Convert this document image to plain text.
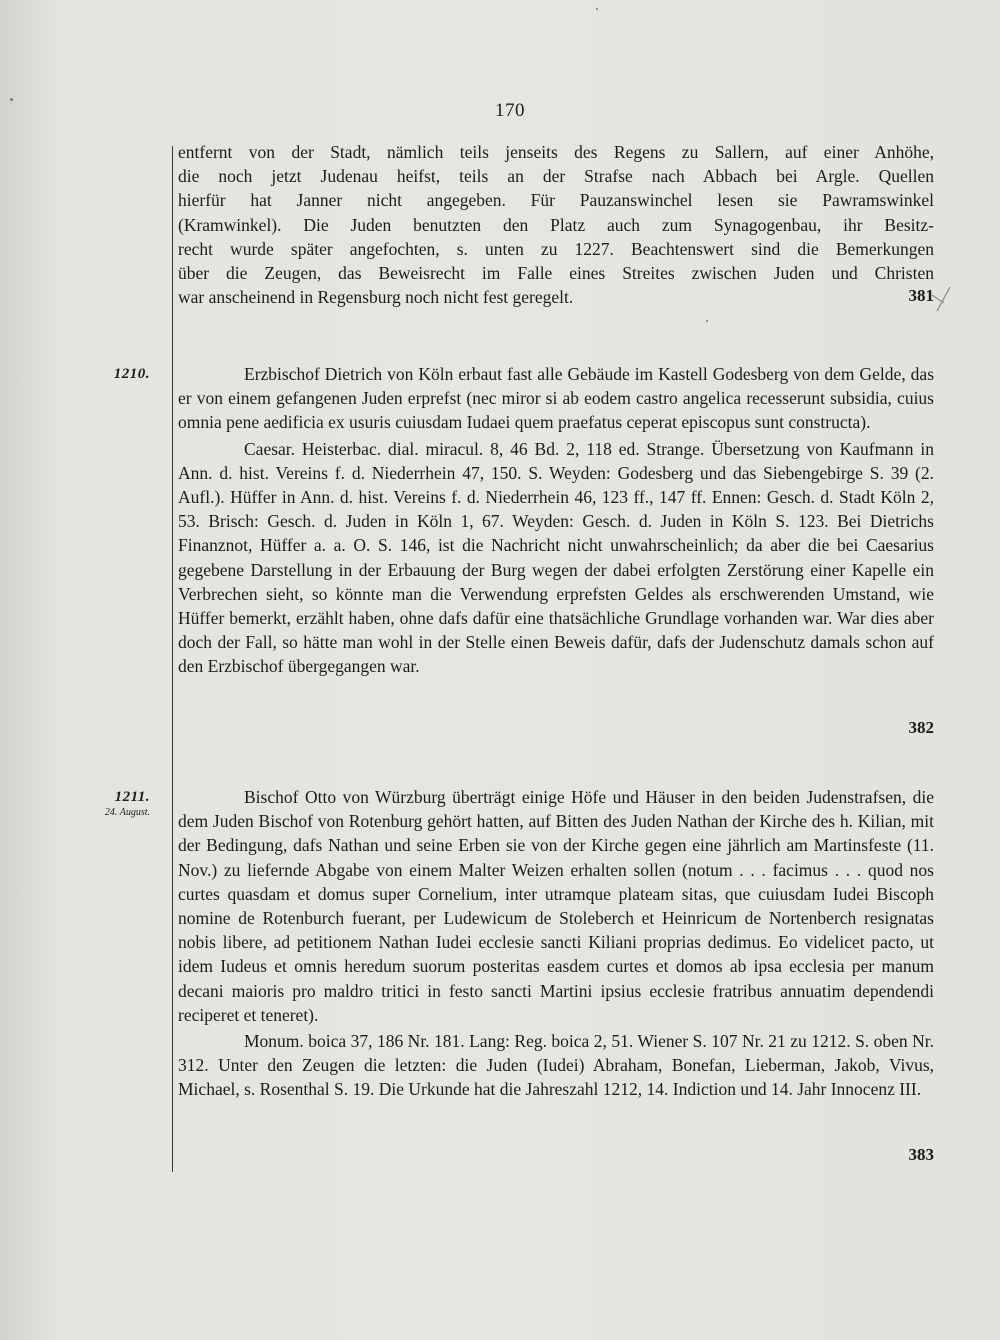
170
entfernt von der Stadt, nämlich teils jenseits des Regens zu Sallern, auf einer Anhöhe,
die noch jetzt Judenau heifst, teils an der Strafse nach Abbach bei Argle. Quellen
hierfür hat Janner nicht angegeben. Für Pauzanswinchel lesen sie Pawramswinkel
(Kramwinkel). Die Juden benutzten den Platz auch zum Synagogenbau, ihr Besitz-
recht wurde später angefochten, s. unten zu 1227. Beachtenswert sind die Bemerkungen
über die Zeugen, das Beweisrecht im Falle eines Streites zwischen Juden und Christen
war anscheinend in Regensburg noch nicht fest geregelt.	381
1210.	Erzbischof Dietrich von Köln erbaut fast alle Gebäude im Kastell Godesberg von dem Gelde, das er von einem gefangenen Juden erprefst (nec miror si ab eodem castro angelica recesserunt subsidia, cuius omnia pene aedificia ex usuris cuiusdam Iudaei quem praefatus ceperat episcopus sunt constructa).

Caesar. Heisterbac. dial. miracul. 8, 46 Bd. 2, 118 ed. Strange. Übersetzung von Kaufmann in Ann. d. hist. Vereins f. d. Niederrhein 47, 150. S. Weyden: Godesberg und das Siebengebirge S. 39 (2. Aufl.). Hüffer in Ann. d. hist. Vereins f. d. Niederrhein 46, 123 ff., 147 ff. Ennen: Gesch. d. Stadt Köln 2, 53. Brisch: Gesch. d. Juden in Köln 1, 67. Weyden: Gesch. d. Juden in Köln S. 123. Bei Dietrichs Finanznot, Hüffer a. a. O. S. 146, ist die Nachricht nicht unwahrscheinlich; da aber die bei Caesarius gegebene Darstellung in der Erbauung der Burg wegen der dabei erfolgten Zerstörung einer Kapelle ein Verbrechen sieht, so könnte man die Verwendung erprefsten Geldes als erschwerenden Umstand, wie Hüffer bemerkt, erzählt haben, ohne dafs dafür eine thatsächliche Grundlage vorhanden war. War dies aber doch der Fall, so hätte man wohl in der Stelle einen Beweis dafür, dafs der Judenschutz damals schon auf den Erzbischof übergegangen war.

382
1211.
24. August.

Bischof Otto von Würzburg überträgt einige Höfe und Häuser in den beiden Judenstrafsen, die dem Juden Bischof von Rotenburg gehört hatten, auf Bitten des Juden Nathan der Kirche des h. Kilian, mit der Bedingung, dafs Nathan und seine Erben sie von der Kirche gegen eine jährlich am Martinsfeste (11. Nov.) zu liefernde Abgabe von einem Malter Weizen erhalten sollen (notum . . . facimus . . . quod nos curtes quasdam et domus super Cornelium, inter utramque plateam sitas, que cuiusdam Iudei Biscoph nomine de Rotenburch fuerant, per Ludewicum de Stoleberch et Heinricum de Nortenberch resignatas nobis libere, ad petitionem Nathan Iudei ecclesie sancti Kiliani proprias dedimus. Eo videlicet pacto, ut idem Iudeus et omnis heredum suorum posteritas easdem curtes et domos ab ipsa ecclesia per manum decani maioris pro maldro tritici in festo sancti Martini ipsius ecclesie fratribus annuatim dependendi reciperet et teneret).

Monum. boica 37, 186 Nr. 181. Lang: Reg. boica 2, 51. Wiener S. 107 Nr. 21 zu 1212. S. oben Nr. 312. Unter den Zeugen die letzten: die Juden (Iudei) Abraham, Bonefan, Lieberman, Jakob, Vivus, Michael, s. Rosenthal S. 19. Die Urkunde hat die Jahreszahl 1212, 14. Indiction und 14. Jahr Innocenz III.

383
